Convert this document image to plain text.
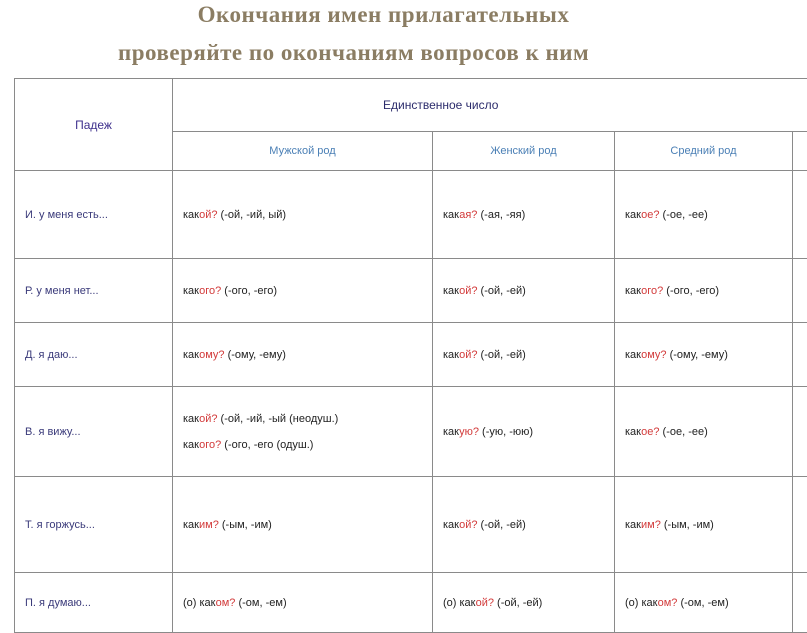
Окончания имен прилагательных
проверяйте по окончаниям вопросов к ним
Падеж	Единственное число			
	Мужской род	Женский род	Средний род	
И. у меня есть...	какой? (-ой, -ий, ый)	какая? (-ая, -яя)	какое? (-ое, -ее)	

Р. у меня нет...	какого? (-ого, -его)	какой? (-ой, -ей)	какого? (-ого, -его)	

Д. я даю...	какому? (-ому, -ему)	какой? (-ой, -ей)	какому? (-ому, -ему)	

В. я вижу...	какой? (-ой, -ий, -ый (неодуш.)
какого? (-ого, -его (одуш.)	какую? (-ую, -юю)	какое? (-ое, -ее)	

Т. я горжусь...	каким? (-ым, -им)	какой? (-ой, -ей)	каким? (-ым, -им)	

П. я думаю...	(о) каком? (-ом, -ем)	(о) какой? (-ой, -ей)	(о) каком? (-ом, -ем)	
